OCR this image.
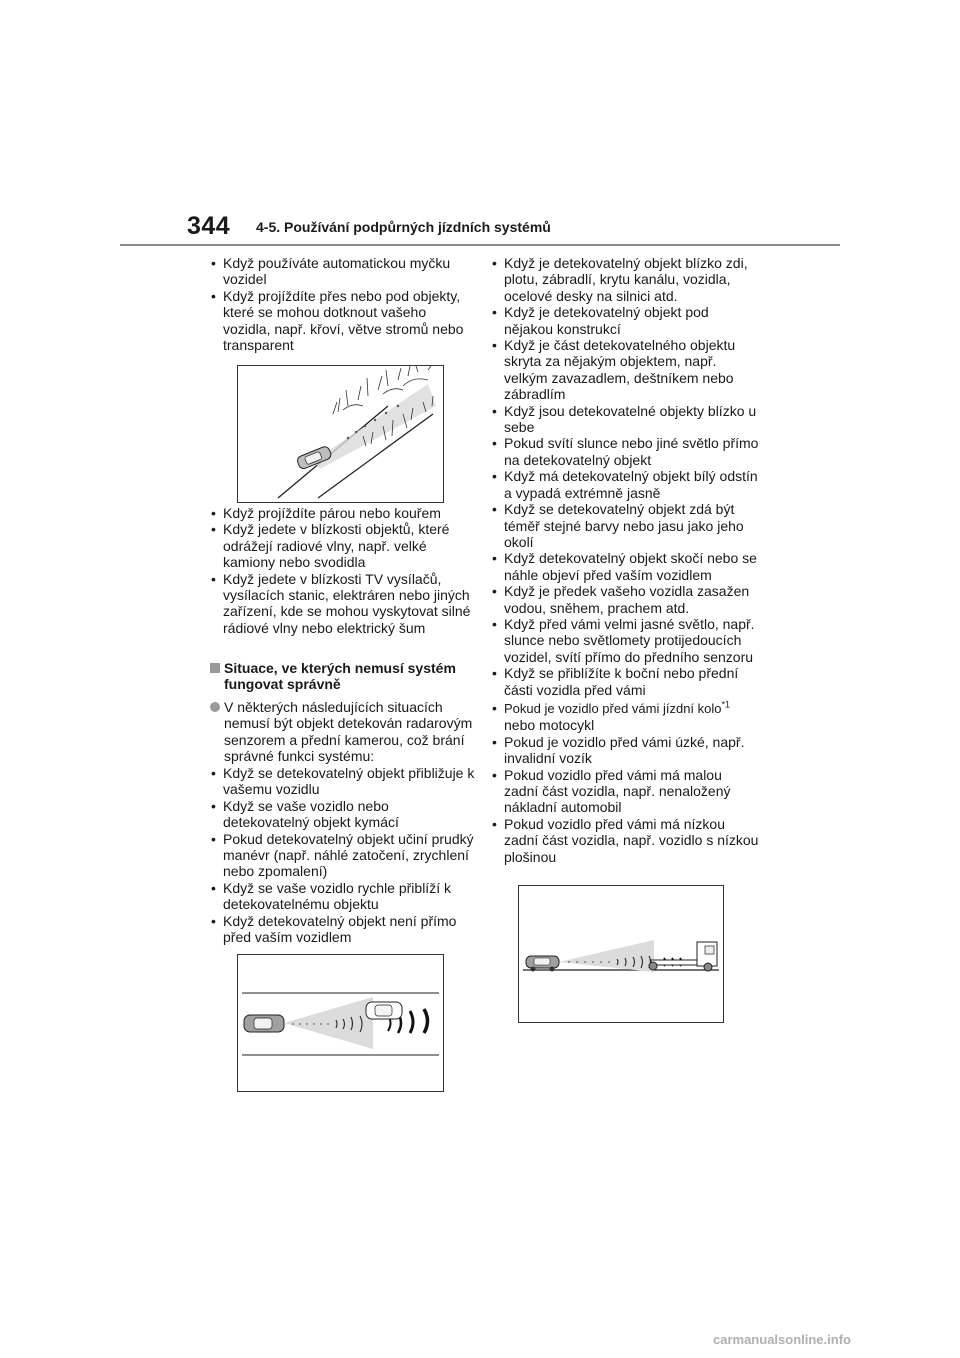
344 4-5. Používání podpůrných jízdních systémů
• Když používáte automatickou myčku vozidel
• Když projíždíte přes nebo pod objekty, které se mohou dotknout vašeho vozidla, např. křoví, větve stromů nebo transparent
• Když projíždíte párou nebo kouřem
• Když jedete v blízkosti objektů, které odrážejí radiové vlny, např. velké kamiony nebo svodidla
• Když jedete v blízkosti TV vysílačů, vysílacích stanic, elektráren nebo jiných zařízení, kde se mohou vyskytovat silné rádiové vlny nebo elektrický šum
Situace, ve kterých nemusí systém fungovat správně
V některých následujících situacích nemusí být objekt detekován radarovým senzorem a přední kamerou, což brání správné funkci systému:
• Když se detekovatelný objekt přibližuje k vašemu vozidlu
• Když se vaše vozidlo nebo detekovatelný objekt kymácí
• Pokud detekovatelný objekt učiní prudký manévr (např. náhlé zatočení, zrychlení nebo zpomalení)
• Když se vaše vozidlo rychle přiblíží k detekovatelnému objektu
• Když detekovatelný objekt není přímo před vaším vozidlem
• Když je detekovatelný objekt blízko zdi, plotu, zábradlí, krytu kanálu, vozidla, ocelové desky na silnici atd.
• Když je detekovatelný objekt pod nějakou konstrukcí
• Když je část detekovatelného objektu skryta za nějakým objektem, např. velkým zavazadlem, deštníkem nebo zábradlím
• Když jsou detekovatelné objekty blízko u sebe
• Pokud svítí slunce nebo jiné světlo přímo na detekovatelný objekt
• Když má detekovatelný objekt bílý odstín a vypadá extrémně jasně
• Když se detekovatelný objekt zdá být téměř stejné barvy nebo jasu jako jeho okolí
• Když detekovatelný objekt skočí nebo se náhle objeví před vaším vozidlem
• Když je předek vašeho vozidla zasažen vodou, sněhem, prachem atd.
• Když před vámi velmi jasné světlo, např. slunce nebo světlomety protijedoucích vozidel, svítí přímo do předního senzoru
• Když se přiblížíte k boční nebo přední části vozidla před vámi
• Pokud je vozidlo před vámi jízdní kolo$^{*1}$ nebo motocykl
• Pokud je vozidlo před vámi úzké, např. invalidní vozík
• Pokud vozidlo před vámi má malou zadní část vozidla, např. nenaložený nákladní automobil
• Pokud vozidlo před vámi má nízkou zadní část vozidla, např. vozidlo s nízkou plošinou
carmanualsonline.info
